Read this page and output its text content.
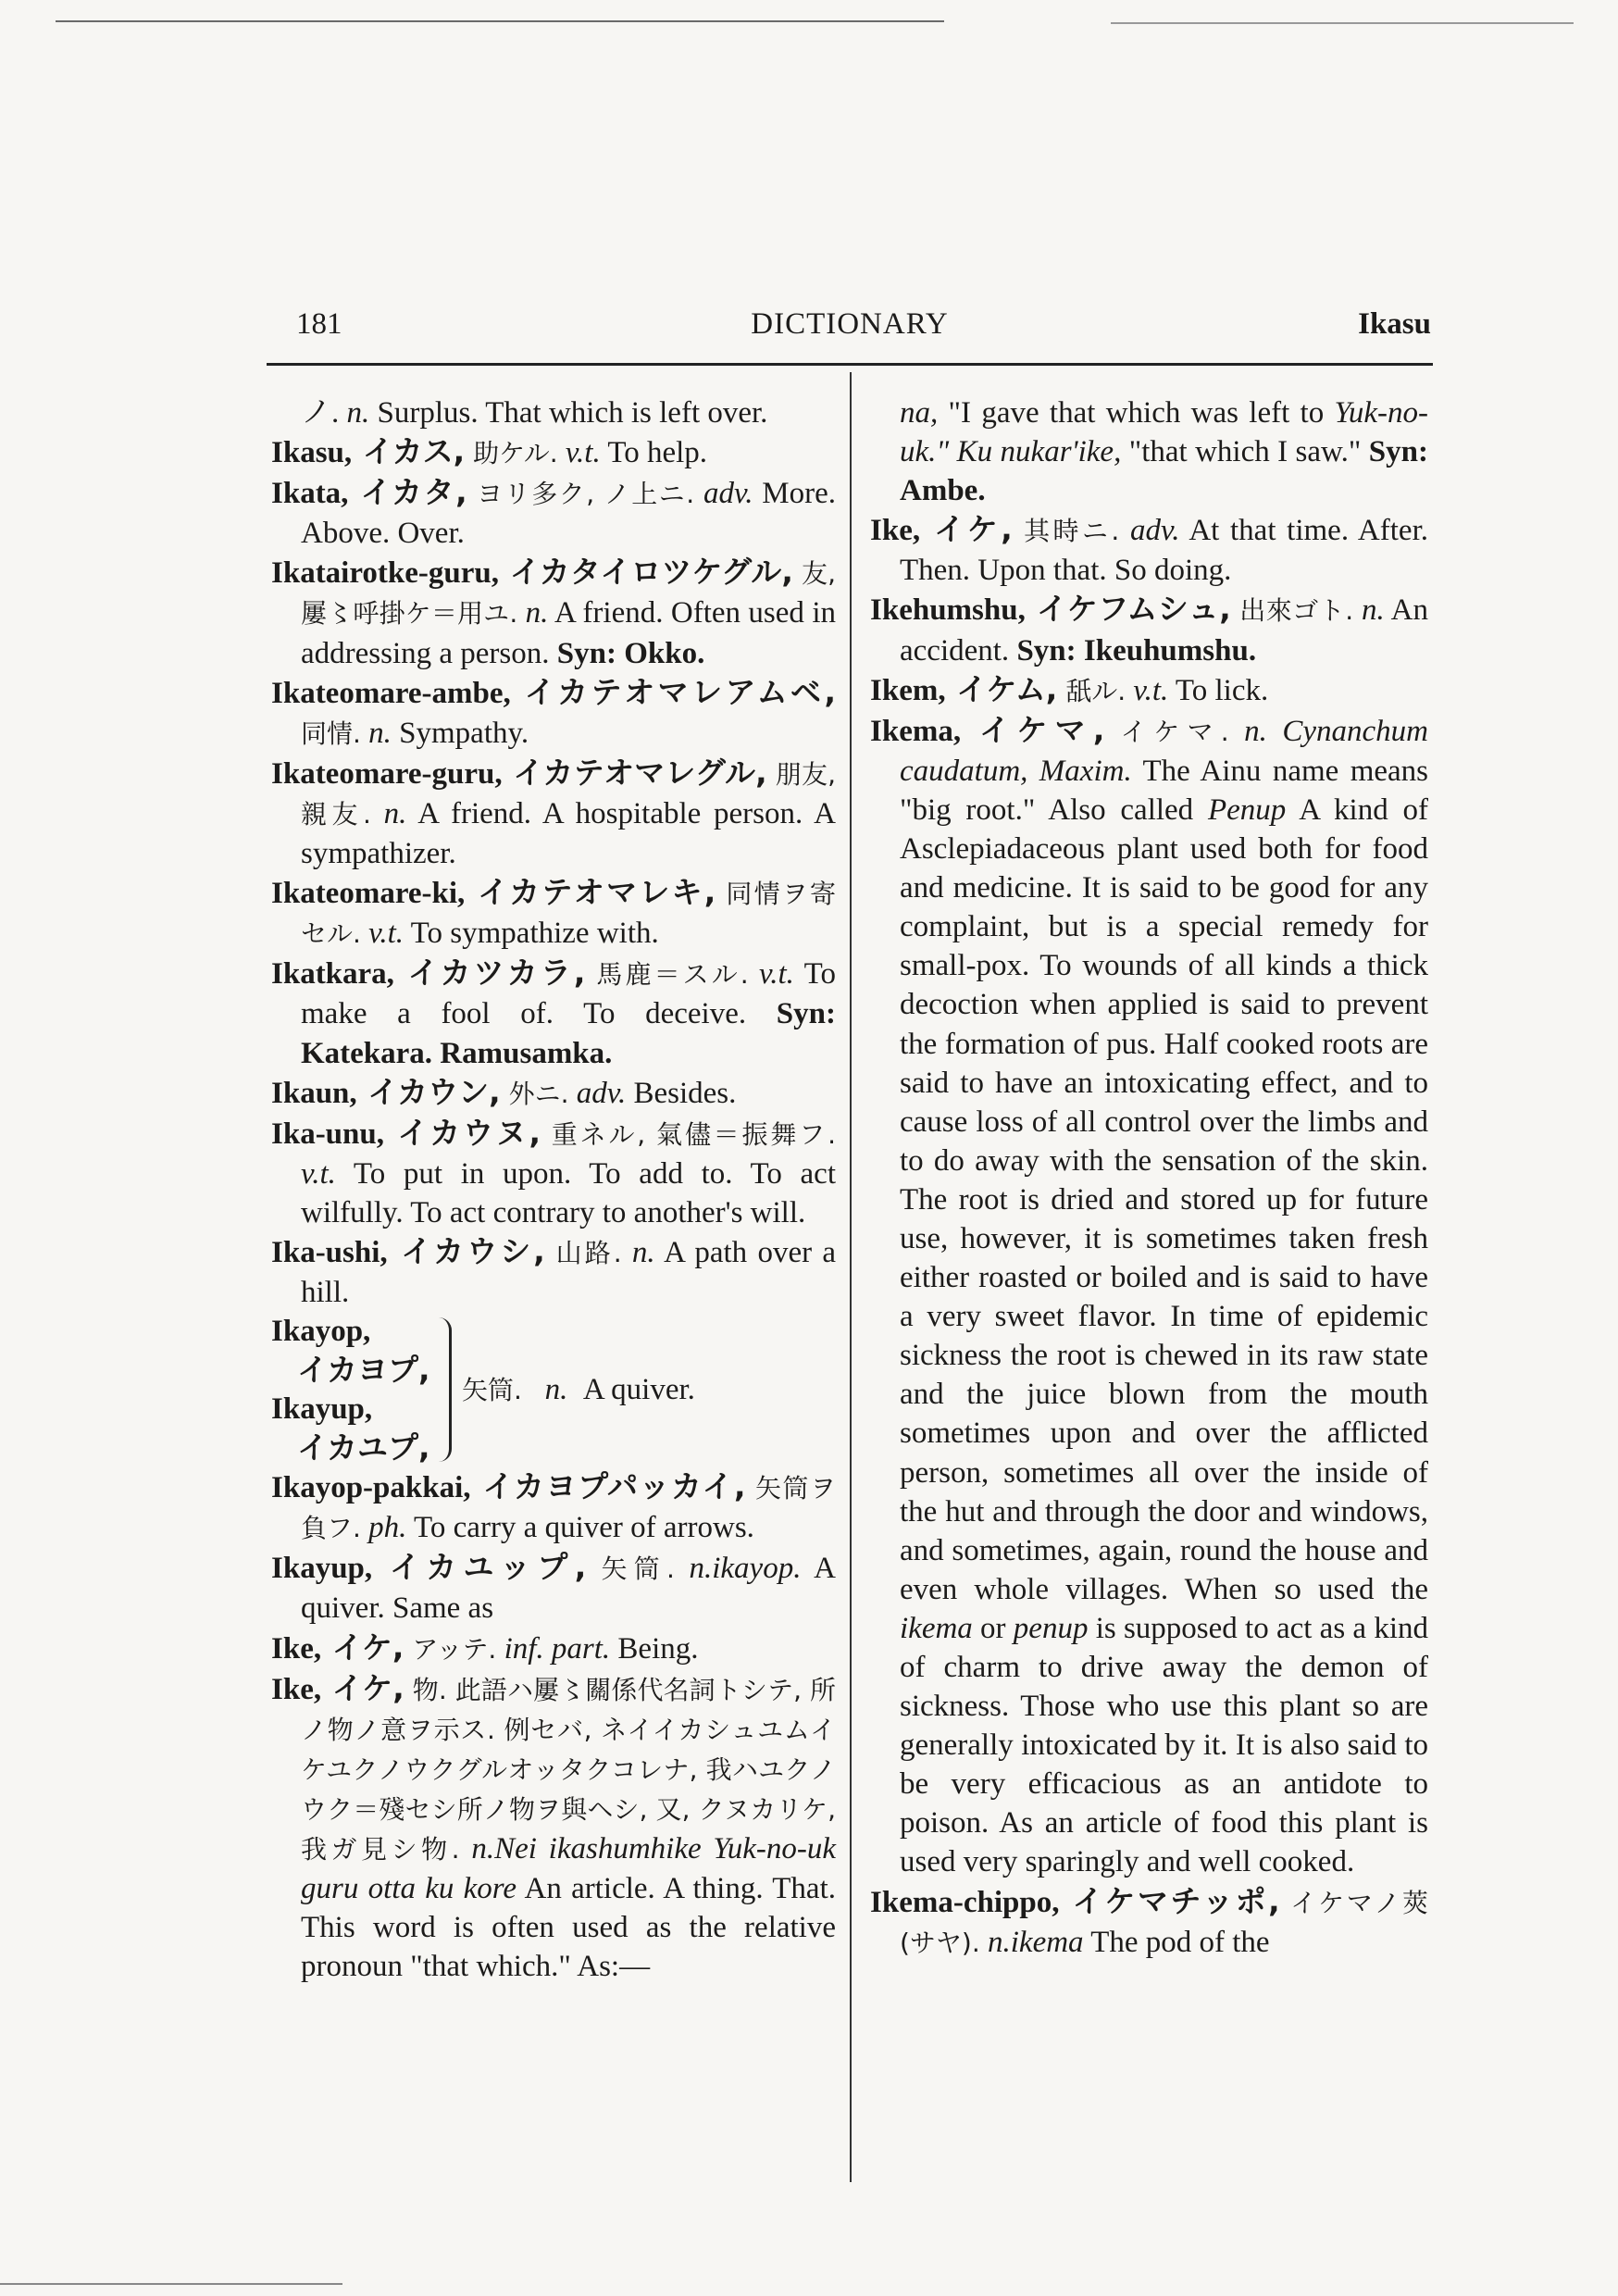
181	DICTIONARY	Ikasu
ノ. n. Surplus. That which is left over.
Ikasu, イカス, 助ケル. v.t. To help.
Ikata, イカタ, ヨリ多ク, ノ上ニ. adv. More. Above. Over.
Ikatairotke-guru, イカタイロツケグル, 友, 屢〻呼掛ケ＝用ユ. n. A friend. Often used in addressing a person. Syn: Okko.
Ikateomare-ambe, イカテオマレアムベ, 同情. n. Sympathy.
Ikateomare-guru, イカテオマレグル, 朋友, 親友. n. A friend. A hospitable person. A sympathizer.
Ikateomare-ki, イカテオマレキ, 同情ヲ寄セル. v.t. To sympathize with.
Ikatkara, イカツカラ, 馬鹿＝スル. v.t. To make a fool of. To deceive. Syn: Katekara. Ramusamka.
Ikaun, イカウン, 外ニ. adv. Besides.
Ika-unu, イカウヌ, 重ネル, 氣儘＝振舞フ. v.t. To put in upon. To add to. To act wilfully. To act contrary to another's will.
Ika-ushi, イカウシ, 山路. n. A path over a hill.
Ikayop,
イカヨプ,
Ikayup,
イカユプ,
矢筒. n. A quiver.
Ikayop-pakkai, イカヨプパッカイ, 矢筒ヲ負フ. ph. To carry a quiver of arrows.
Ikayup, イカユップ, 矢筒. n.ikayop. A quiver. Same as
Ike, イケ, アッテ. inf. part. Being.
Ike, イケ, 物. 此語ハ屢〻關係代名詞トシテ, 所ノ物ノ意ヲ示ス. 例セバ, ネイイカシュユムイケユクノウクグルオッタクコレナ, 我ハユクノウク＝殘セシ所ノ物ヲ與ヘシ, 又, クヌカリケ, 我ガ見シ物. n.Nei ikashumhike Yuk-no-uk guru otta ku kore An article. A thing. That. This word is often used as the relative pronoun "that which." As:—
na, "I gave that which was left to Yuk-no-uk." Ku nukar'ike, "that which I saw." Syn: Ambe.
Ike, イケ, 其時ニ. adv. At that time. After. Then. Upon that. So doing.
Ikehumshu, イケフムシュ, 出來ゴト. n. An accident. Syn: Ikeuhumshu.
Ikem, イケム, 舐ル. v.t. To lick.
Ikema, イケマ, イケマ. n. Cynanchum caudatum, Maxim. The Ainu name means "big root." Also called Penup A kind of Asclepiadaceous plant used both for food and medicine. It is said to be good for any complaint, but is a special remedy for small-pox. To wounds of all kinds a thick decoction when applied is said to prevent the formation of pus. Half cooked roots are said to have an intoxicating effect, and to cause loss of all control over the limbs and to do away with the sensation of the skin. The root is dried and stored up for future use, however, it is sometimes taken fresh either roasted or boiled and is said to have a very sweet flavor. In time of epidemic sickness the root is chewed in its raw state and the juice blown from the mouth sometimes upon and over the afflicted person, sometimes all over the inside of the hut and through the door and windows, and sometimes, again, round the house and even whole villages. When so used the ikema or penup is supposed to act as a kind of charm to drive away the demon of sickness. Those who use this plant so are generally intoxicated by it. It is also said to be very efficacious as an antidote to poison. As an article of food this plant is used very sparingly and well cooked.
Ikema-chippo, イケマチッポ, イケマノ莢(サヤ). n.ikema The pod of the
